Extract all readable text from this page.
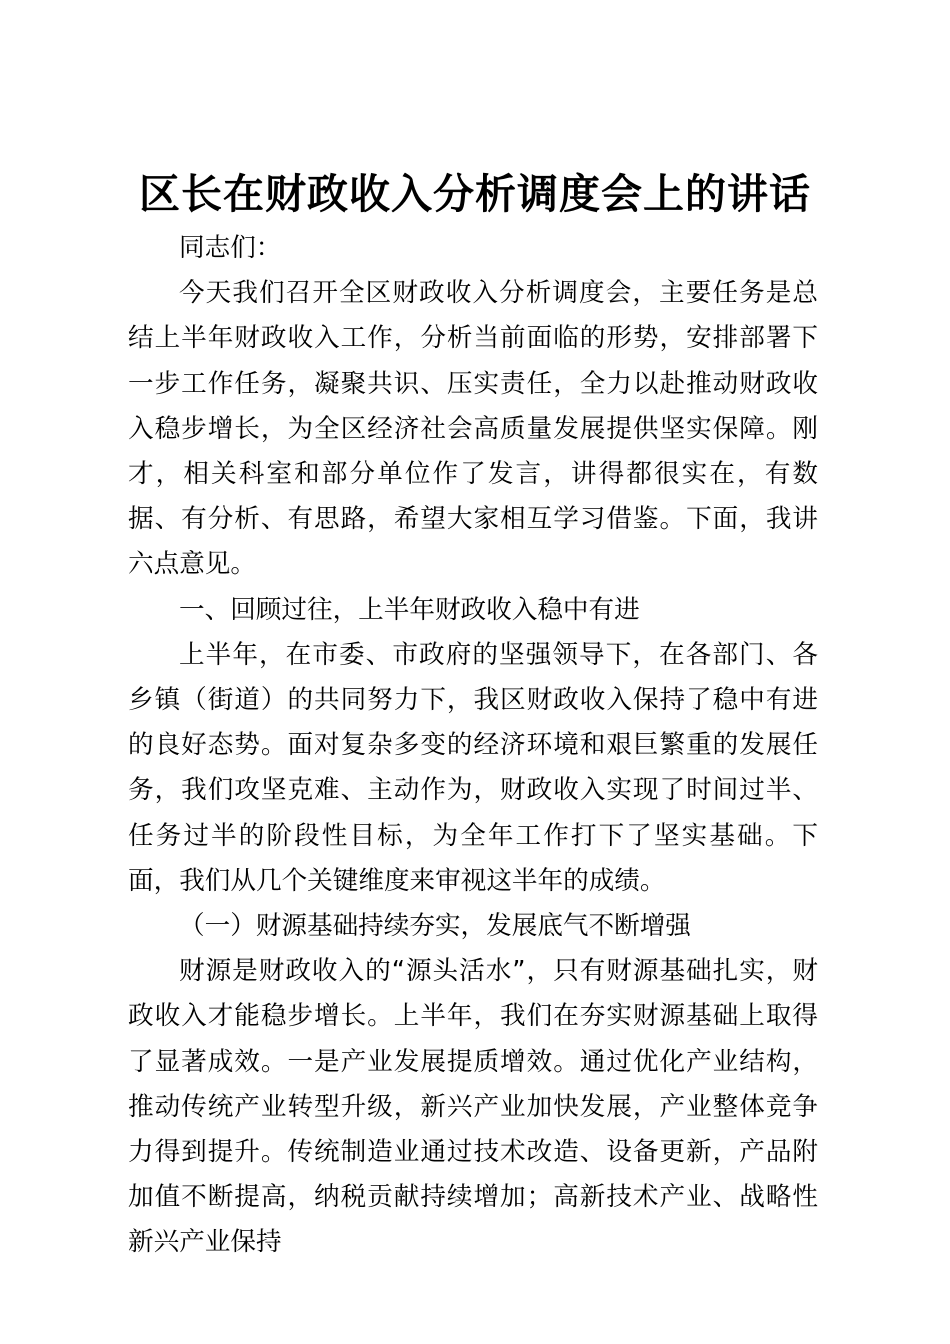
区长在财政收入分析调度会上的讲话

同志们：

今天我们召开全区财政收入分析调度会，主要任务是总结上半年财政收入工作，分析当前面临的形势，安排部署下一步工作任务，凝聚共识、压实责任，全力以赴推动财政收入稳步增长，为全区经济社会高质量发展提供坚实保障。刚才，相关科室和部分单位作了发言，讲得都很实在，有数据、有分析、有思路，希望大家相互学习借鉴。下面，我讲六点意见。

一、回顾过往，上半年财政收入稳中有进

上半年，在市委、市政府的坚强领导下，在各部门、各乡镇（街道）的共同努力下，我区财政收入保持了稳中有进的良好态势。面对复杂多变的经济环境和艰巨繁重的发展任务，我们攻坚克难、主动作为，财政收入实现了时间过半、任务过半的阶段性目标，为全年工作打下了坚实基础。下面，我们从几个关键维度来审视这半年的成绩。

（一）财源基础持续夯实，发展底气不断增强

财源是财政收入的“源头活水”，只有财源基础扎实，财政收入才能稳步增长。上半年，我们在夯实财源基础上取得了显著成效。一是产业发展提质增效。通过优化产业结构，推动传统产业转型升级，新兴产业加快发展，产业整体竞争力得到提升。传统制造业通过技术改造、设备更新，产品附加值不断提高，纳税贡献持续增加；高新技术产业、战略性新兴产业保持
